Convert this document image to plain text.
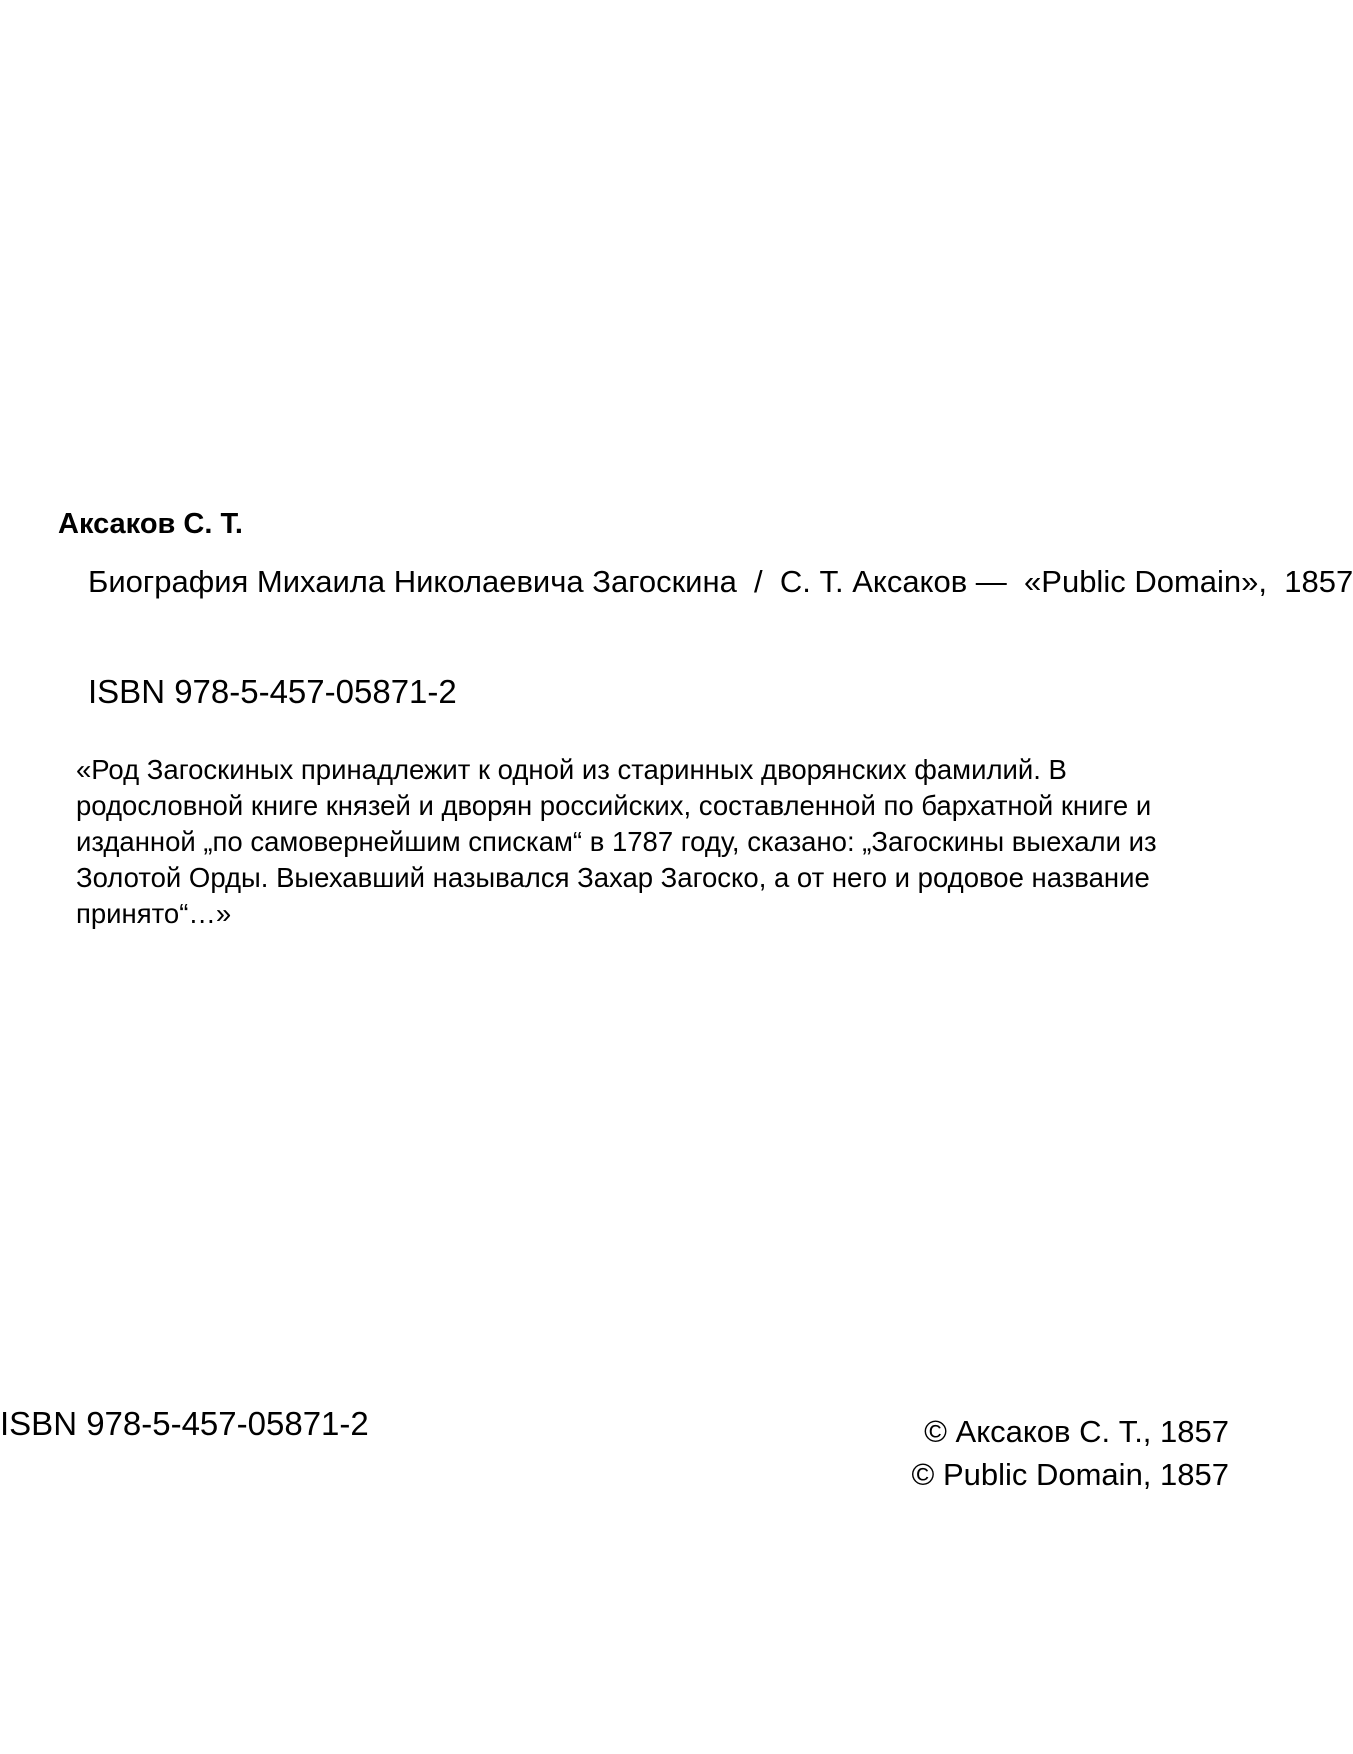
Аксаков С. Т.
Биография Михаила Николаевича Загоскина  /  С. Т. Аксаков —  «Public Domain»,  1857
ISBN 978-5-457-05871-2

«Род Загоскиных принадлежит к одной из старинных дворянских фамилий. В родословной книге князей и дворян российских, составленной по бархатной книге и изданной „по самовернейшим спискам“ в 1787 году, сказано: „Загоскины выехали из Золотой Орды. Выехавший назывался Захар Загоско, а от него и родовое название принято“…»

ISBN 978-5-457-05871-2	© Аксаков С. Т., 1857
© Public Domain, 1857
